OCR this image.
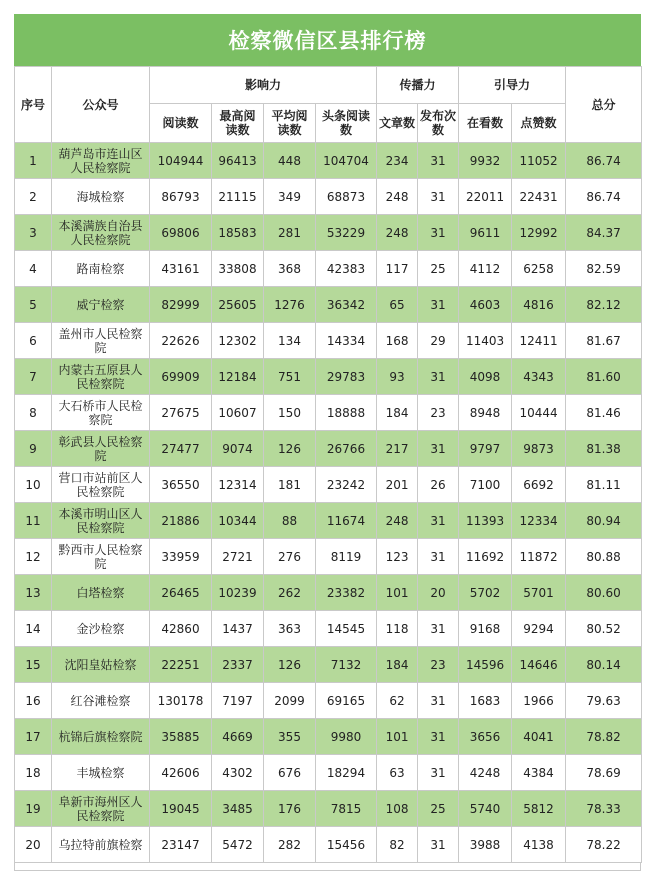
检察微信区县排行榜
序号	公众号	影响力				传播力		引导力		总分
		阅读数	最高阅读数	平均阅读数	头条阅读数	文章数	发布次数	在看数	点赞数	
1	葫芦岛市连山区人民检察院	104944	96413	448	104704	234	31	9932	11052	86.74
2	海城检察	86793	21115	349	68873	248	31	22011	22431	86.74
3	本溪满族自治县人民检察院	69806	18583	281	53229	248	31	9611	12992	84.37
4	路南检察	43161	33808	368	42383	117	25	4112	6258	82.59
5	威宁检察	82999	25605	1276	36342	65	31	4603	4816	82.12
6	盖州市人民检察院	22626	12302	134	14334	168	29	11403	12411	81.67
7	内蒙古五原县人民检察院	69909	12184	751	29783	93	31	4098	4343	81.60
8	大石桥市人民检察院	27675	10607	150	18888	184	23	8948	10444	81.46
9	彰武县人民检察院	27477	9074	126	26766	217	31	9797	9873	81.38
10	营口市站前区人民检察院	36550	12314	181	23242	201	26	7100	6692	81.11
11	本溪市明山区人民检察院	21886	10344	88	11674	248	31	11393	12334	80.94
12	黔西市人民检察院	33959	2721	276	8119	123	31	11692	11872	80.88
13	白塔检察	26465	10239	262	23382	101	20	5702	5701	80.60
14	金沙检察	42860	1437	363	14545	118	31	9168	9294	80.52
15	沈阳皇姑检察	22251	2337	126	7132	184	23	14596	14646	80.14
16	红谷滩检察	130178	7197	2099	69165	62	31	1683	1966	79.63
17	杭锦后旗检察院	35885	4669	355	9980	101	31	3656	4041	78.82
18	丰城检察	42606	4302	676	18294	63	31	4248	4384	78.69
19	阜新市海州区人民检察院	19045	3485	176	7815	108	25	5740	5812	78.33
20	乌拉特前旗检察	23147	5472	282	15456	82	31	3988	4138	78.22
